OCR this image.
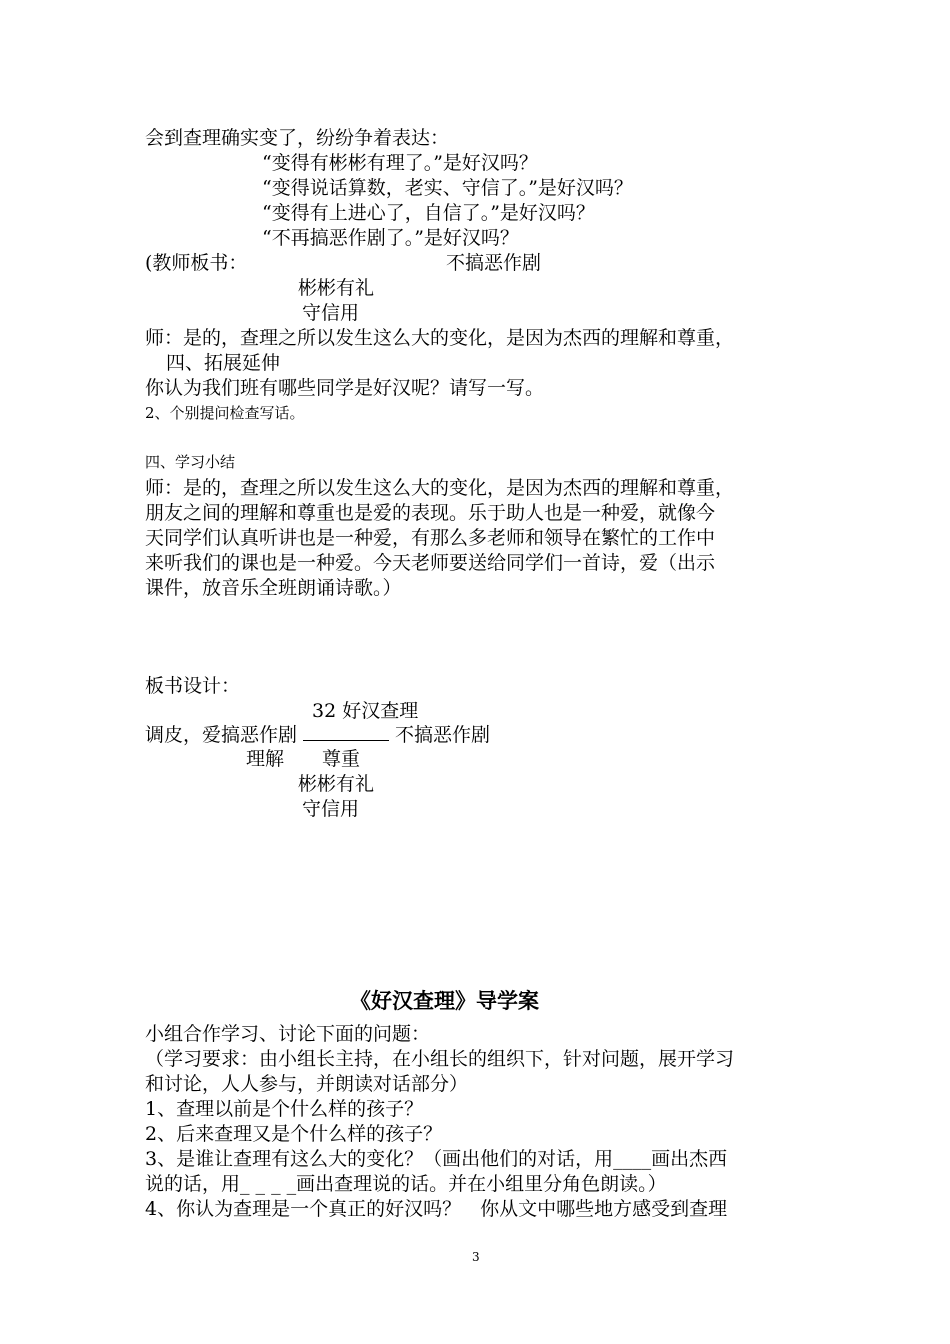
会到查理确实变了，纷纷争着表达：
“变得有彬彬有理了。”是好汉吗？
“变得说话算数，老实、守信了。”是好汉吗？
“变得有上进心了，自信了。”是好汉吗？
“不再搞恶作剧了。”是好汉吗？
(教师板书：	不搞恶作剧
彬彬有礼
守信用
师：是的，查理之所以发生这么大的变化，是因为杰西的理解和尊重，
四、拓展延伸
你认为我们班有哪些同学是好汉呢？请写一写。
2、个别提问检查写话。
四、学习小结
师：是的，查理之所以发生这么大的变化，是因为杰西的理解和尊重，
朋友之间的理解和尊重也是爱的表现。乐于助人也是一种爱，就像今
天同学们认真听讲也是一种爱，有那么多老师和领导在繁忙的工作中
来听我们的课也是一种爱。今天老师要送给同学们一首诗，爱（出示
课件，放音乐全班朗诵诗歌。）
板书设计：
32 好汉查理
调皮，爱搞恶作剧	不搞恶作剧
理解　　尊重
彬彬有礼
守信用
《好汉查理》导学案
小组合作学习、讨论下面的问题：
（学习要求：由小组长主持，在小组长的组织下，针对问题，展开学习
和讨论，人人参与，并朗读对话部分）
1、查理以前是个什么样的孩子？
2、后来查理又是个什么样的孩子？
3、是谁让查理有这么大的变化？（画出他们的对话，用____画出杰西
说的话，用_ _ _ _画出查理说的话。并在小组里分角色朗读。）
4、你认为查理是一个真正的好汉吗？　你从文中哪些地方感受到查理
3
